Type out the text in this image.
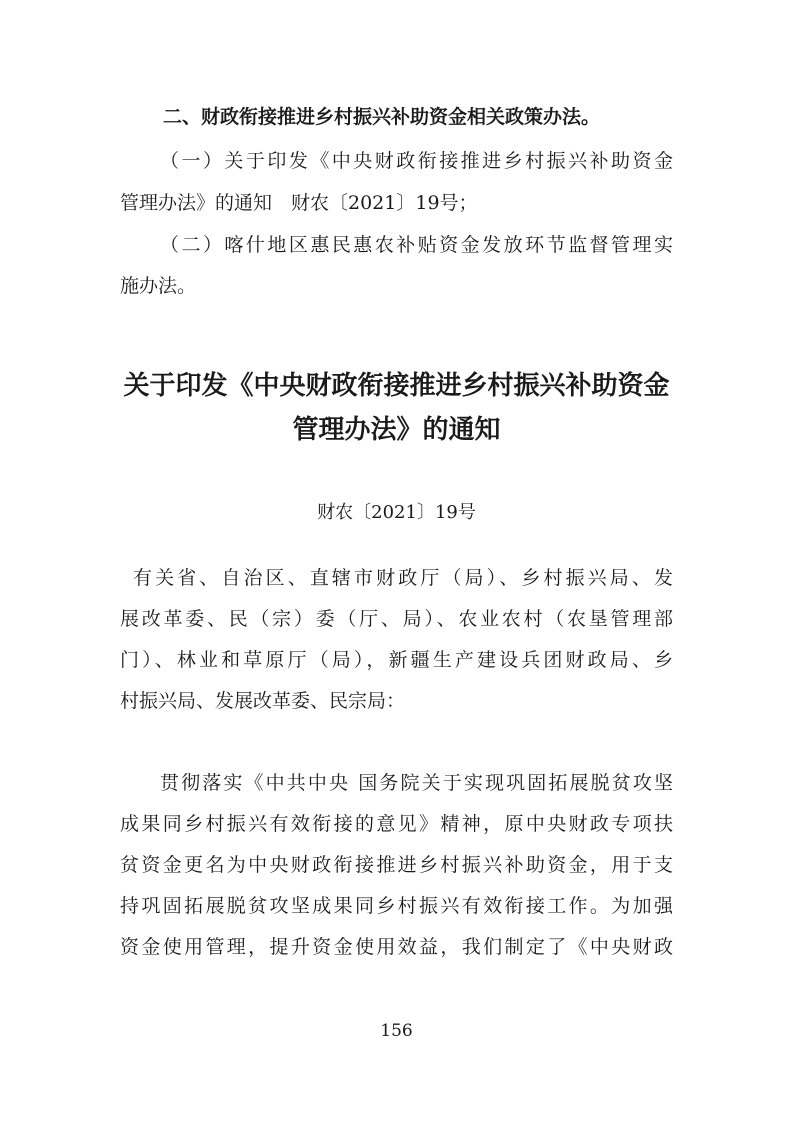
二、财政衔接推进乡村振兴补助资金相关政策办法。
（一）关于印发《中央财政衔接推进乡村振兴补助资金
管理办法》的通知　财农〔2021〕19号；
（二）喀什地区惠民惠农补贴资金发放环节监督管理实
施办法。
关于印发《中央财政衔接推进乡村振兴补助资金
管理办法》的通知
财农〔2021〕19号
有关省、自治区、直辖市财政厅（局）、乡村振兴局、发
展改革委、民（宗）委（厅、局）、农业农村（农垦管理部
门）、林业和草原厅（局），新疆生产建设兵团财政局、乡
村振兴局、发展改革委、民宗局：
贯彻落实《中共中央 国务院关于实现巩固拓展脱贫攻坚
成果同乡村振兴有效衔接的意见》精神，原中央财政专项扶
贫资金更名为中央财政衔接推进乡村振兴补助资金，用于支
持巩固拓展脱贫攻坚成果同乡村振兴有效衔接工作。为加强
资金使用管理，提升资金使用效益，我们制定了《中央财政
156
